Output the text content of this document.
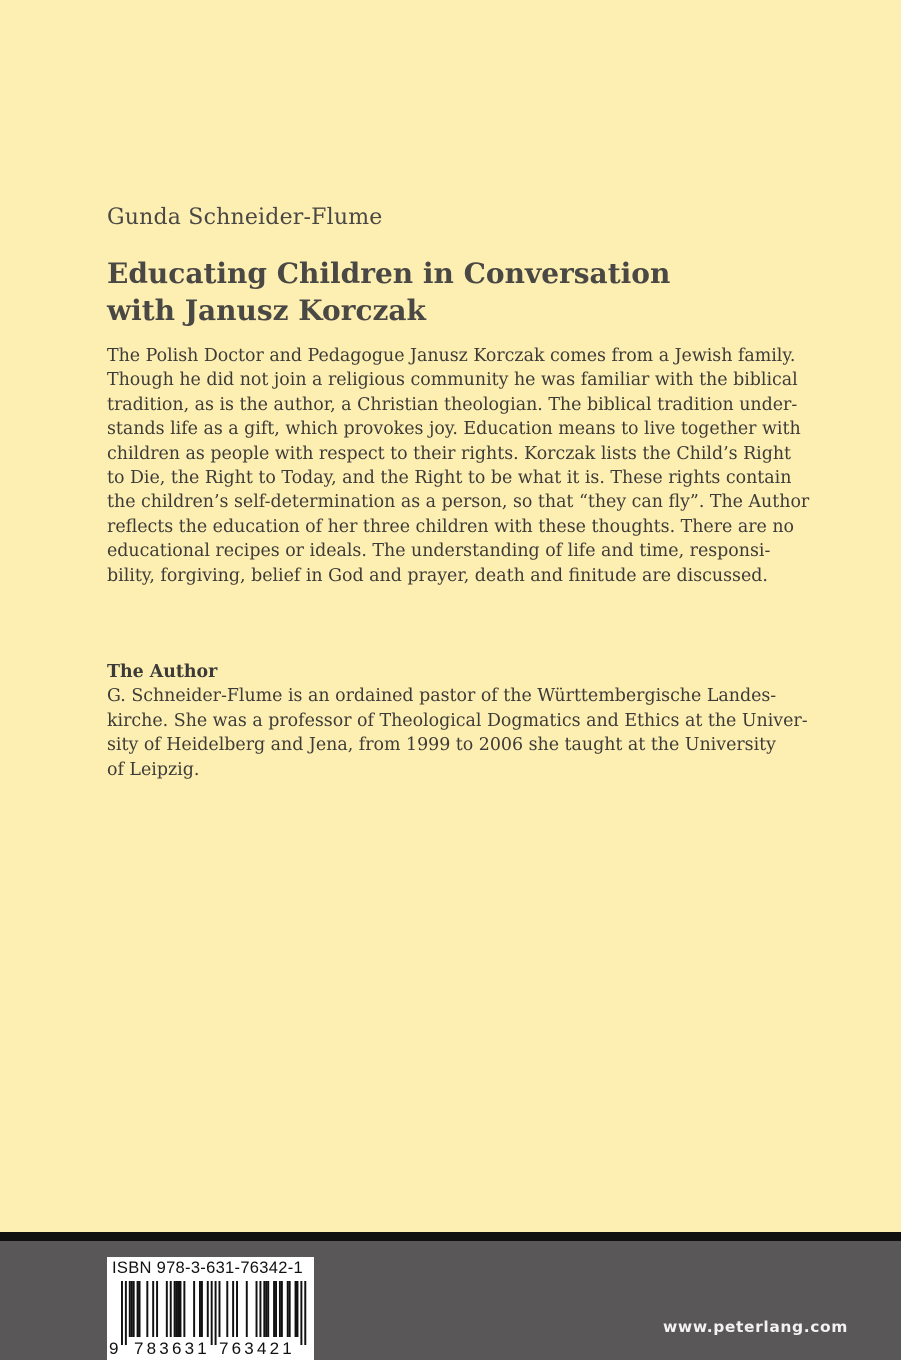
Gunda Schneider-Flume
Educating Children in Conversation
with Janusz Korczak
The Polish Doctor and Pedagogue Janusz Korczak comes from a Jewish family.
Though he did not join a religious community he was familiar with the biblical
tradition, as is the author, a Christian theologian. The biblical tradition under-
stands life as a gift, which provokes joy. Education means to live together with
children as people with respect to their rights. Korczak lists the Child’s Right
to Die, the Right to Today, and the Right to be what it is. These rights contain
the children’s self-determination as a person, so that “they can fly”. The Author
reflects the education of her three children with these thoughts. There are no
educational recipes or ideals. The understanding of life and time, responsi-
bility, forgiving, belief in God and prayer, death and finitude are discussed.
The Author
G. Schneider-Flume is an ordained pastor of the Württembergische Landes-
kirche. She was a professor of Theological Dogmatics and Ethics at the Univer-
sity of Heidelberg and Jena, from 1999 to 2006 she taught at the University
of Leipzig.
ISBN 978-3-631-76342-1
9 783631 763421
www.peterlang.com
